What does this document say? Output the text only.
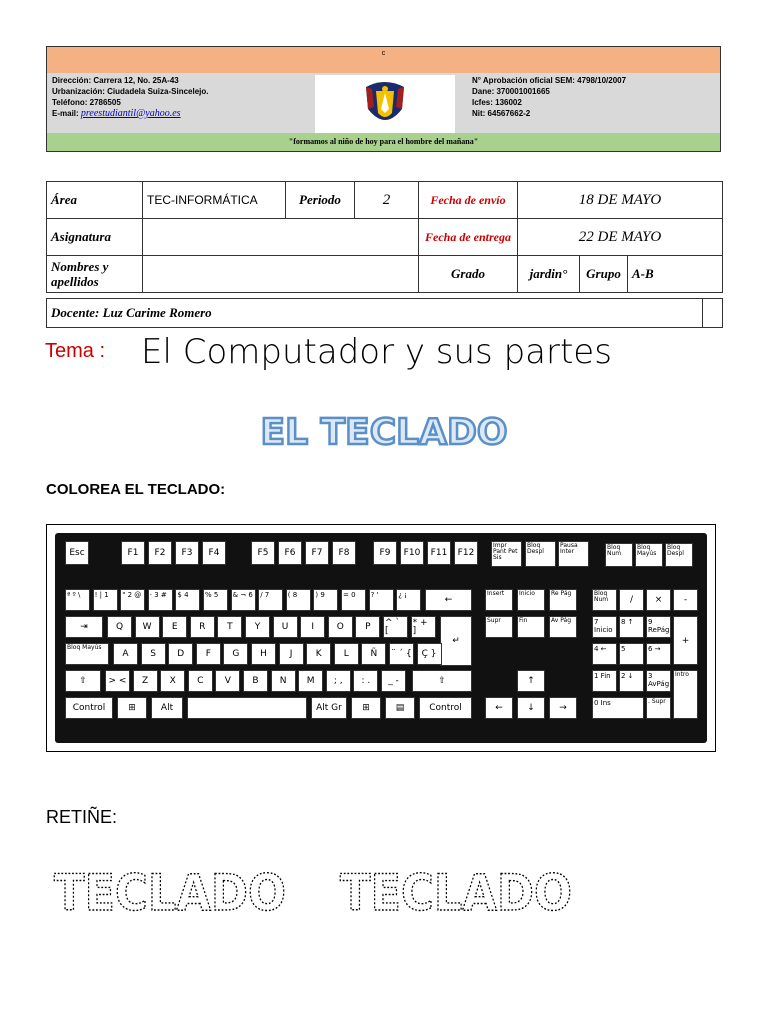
c
Dirección: Carrera 12, No. 25A-43
Urbanización: Ciudadela Suiza-Sincelejo.
Teléfono: 2786505
E-mail: preestudiantil@yahoo.es
N° Aprobación oficial SEM: 4798/10/2007
Dane: 370001001665
Icfes: 136002
Nit: 64567662-2
"formamos al niño de hoy para el hombre del mañana"
Área	TEC-INFORMÁTICA	Periodo	2	Fecha de envío	18 DE MAYO		
Asignatura				Fecha de entrega	22 DE MAYO		
Nombres y apellidos				Grado	jardin°	Grupo	A-B
Docente: Luz Carime Romero	
Tema : El Computador y sus partes
EL TECLADO
COLOREA EL TECLADO:
Esc	F1	F2	F3	F4	F5	F6	F7	F8	F9	F10	F11	F12
Impr Pant Pet Sis
Bloq Despl
Pausa Inter
Bloq Num
Bloq Mayús
Bloq Despl
ª º \	! | 1	" 2 @	· 3 #	$ 4	% 5	& ¬ 6	/ 7	( 8	) 9	= 0	? '	¿ ¡	←
⇥	Q	W	E	R	T	Y	U	I	O	P	^ ` [
* + ]
↵
Bloq Mayús
A	S	D	F	G	H	J	K	L	Ñ	¨ ´ {	Ç }
⇧	> <	Z	X	C	V	B	N	M	; ,	: .	_ -	⇧
Control	⊞	Alt	Alt Gr	⊞	▤	Control
Insert	Inicio	Re Pág
Supr	Fin	Av Pág
↑
←	↓	→
Bloq Num	/	×	-
7 Inicio
8 ↑	9 RePág
+
4 ←	5	6 →
1 Fin	2 ↓	3 AvPág
Intro
0 Ins	. Supr
RETIÑE:
TECLADO TECLADO
